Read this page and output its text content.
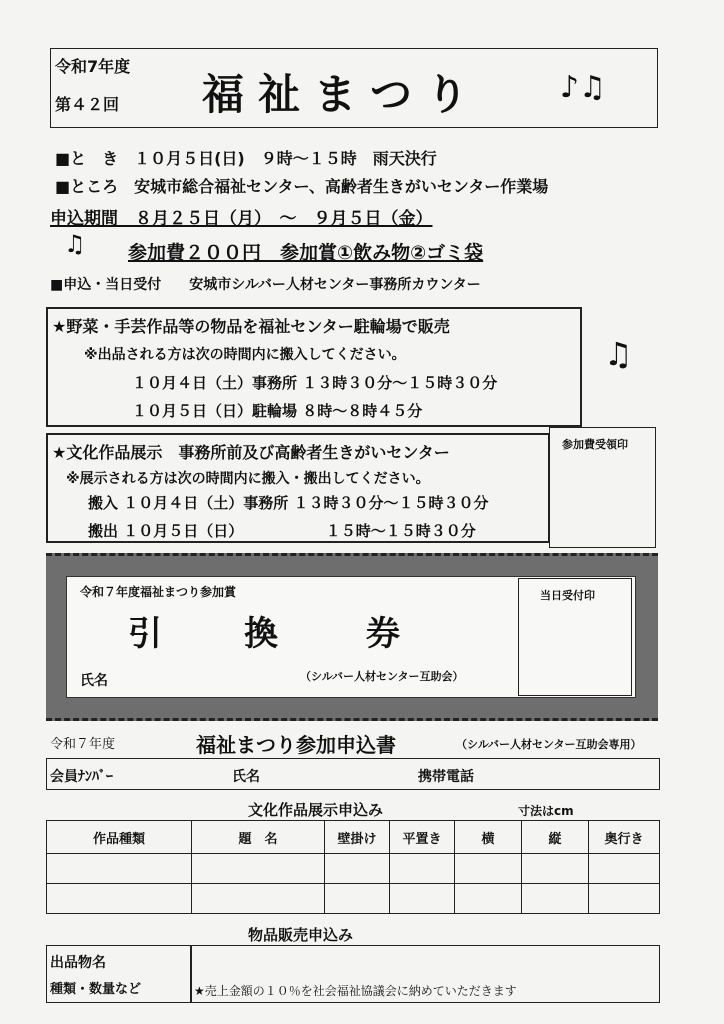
令和7年度
第４２回 福祉まつり	♪♫
■と　き　１０月５日(日)　９時～１５時　雨天決行
■ところ　安城市総合福祉センター、高齢者生きがいセンター作業場
申込期間　８月２５日（月）　～　９月５日（金）
♫ 参加費２００円　参加賞①飲み物②ゴミ袋
■申込・当日受付　　安城市シルバー人材センター事務所カウンター
★野菜・手芸作品等の物品を福祉センター駐輪場で販売
※出品される方は次の時間内に搬入してください。
１０月４日（土）事務所 １３時３０分～１５時３０分
１０月５日（日）駐輪場 ８時～８時４５分
♫
★文化作品展示　事務所前及び高齢者生きがいセンター
※展示される方は次の時間内に搬入・搬出してください。
搬入 １０月４日（土）事務所 １３時３０分～１５時３０分
搬出 １０月５日（日）　　　　　　１５時～１５時３０分
参加費受領印
令和７年度福祉まつり参加賞
引 換	券
氏名	（シルバー人材センター互助会）
当日受付印
令和７年度	福祉まつり参加申込書	（シルバー人材センター互助会専用）
会員ﾅﾝﾊﾞｰ	氏名	携帯電話
文化作品展示申込み	寸法はcm
作品種類	題　名	壁掛け	平置き	横	縦	奥行き

物品販売申込み
出品物名
種類・数量など	★売上金額の１０％を社会福祉協議会に納めていただきます
